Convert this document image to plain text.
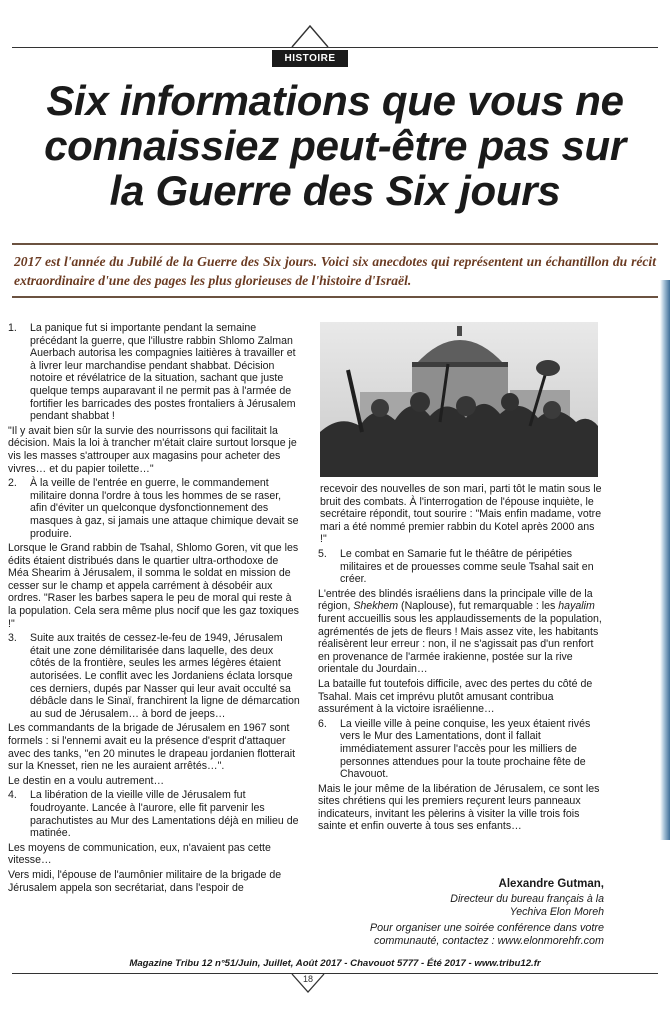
HISTOIRE
Six informations que vous ne
connaissiez peut-être pas sur
la Guerre des Six jours
2017 est l'année du Jubilé de la Guerre des Six jours. Voici six anecdotes qui représentent un échantillon du récit extraordinaire d'une des pages les plus glorieuses de l'histoire d'Israël.
1. La panique fut si importante pendant la semaine précédant la guerre, que l'illustre rabbin Shlomo Zalman Auerbach autorisa les compagnies laitières à travailler et à livrer leur marchandise pendant shabbat. Décision notoire et révélatrice de la situation, sachant que juste quelque temps auparavant il ne permit pas à l'armée de fortifier les barricades des postes frontaliers à Jérusalem pendant shabbat !

"Il y avait bien sûr la survie des nourrissons qui facilitait la décision. Mais la loi à trancher m'était claire surtout lorsque je vis les masses s'attrouper aux magasins pour acheter des vivres… et du papier toilette…"

2. À la veille de l'entrée en guerre, le commandement militaire donna l'ordre à tous les hommes de se raser, afin d'éviter un quelconque dysfonctionnement des masques à gaz, si jamais une attaque chimique devait se produire.

Lorsque le Grand rabbin de Tsahal, Shlomo Goren, vit que les édits étaient distribués dans le quartier ultra-orthodoxe de Méa Shearim à Jérusalem, il somma le soldat en mission de cesser sur le champ et appela carrément à désobéir aux ordres. "Raser les barbes sapera le peu de moral qui reste à la population. Cela sera même plus nocif que les gaz toxiques !"

3. Suite aux traités de cessez-le-feu de 1949, Jérusalem était une zone démilitarisée dans laquelle, des deux côtés de la frontière, seules les armes légères étaient autorisées. Le conflit avec les Jordaniens éclata lorsque ces derniers, dupés par Nasser qui leur avait occulté sa débâcle dans le Sinaï, franchirent la ligne de démarcation au sud de Jérusalem… à bord de jeeps…

Les commandants de la brigade de Jérusalem en 1967 sont formels : si l'ennemi avait eu la présence d'esprit d'attaquer avec des tanks, "en 20 minutes le drapeau jordanien flotterait sur la Knesset, rien ne les auraient arrêtés…".

Le destin en a voulu autrement…

4. La libération de la vieille ville de Jérusalem fut foudroyante. Lancée à l'aurore, elle fit parvenir les parachutistes au Mur des Lamentations déjà en milieu de matinée.

Les moyens de communication, eux, n'avaient pas cette vitesse…

Vers midi, l'épouse de l'aumônier militaire de la brigade de Jérusalem appela son secrétariat, dans l'espoir de

recevoir des nouvelles de son mari, parti tôt le matin sous le bruit des combats. À l'interrogation de l'épouse inquiète, le secrétaire répondit, tout sourire : "Mais enfin madame, votre mari a été nommé premier rabbin du Kotel après 2000 ans !"
5. Le combat en Samarie fut le théâtre de péripéties militaires et de prouesses comme seule Tsahal sait en créer.

L'entrée des blindés israéliens dans la principale ville de la région, Shekhem (Naplouse), fut remarquable : les hayalim furent accueillis sous les applaudissements de la population, agrémentés de jets de fleurs ! Mais assez vite, les habitants réalisèrent leur erreur : non, il ne s'agissait pas d'un renfort en provenance de l'armée irakienne, postée sur la rive orientale du Jourdain…

La bataille fut toutefois difficile, avec des pertes du côté de Tsahal. Mais cet imprévu plutôt amusant contribua assurément à la victoire israélienne…

6. La vieille ville à peine conquise, les yeux étaient rivés vers le Mur des Lamentations, dont il fallait immédiatement assurer l'accès pour les milliers de personnes attendues pour la toute prochaine fête de Chavouot.

Mais le jour même de la libération de Jérusalem, ce sont les sites chrétiens qui les premiers reçurent leurs panneaux indicateurs, invitant les pèlerins à visiter la ville trois fois sainte et enfin ouverte à tous ses enfants…

Alexandre Gutman,
Directeur du bureau français à la
Yechiva Elon Moreh
Pour organiser une soirée conférence dans votre
communauté, contactez : www.elonmorehfr.com
Magazine Tribu 12 n°51/Juin, Juillet, Août 2017 - Chavouot 5777 - Été 2017 - www.tribu12.fr
18
